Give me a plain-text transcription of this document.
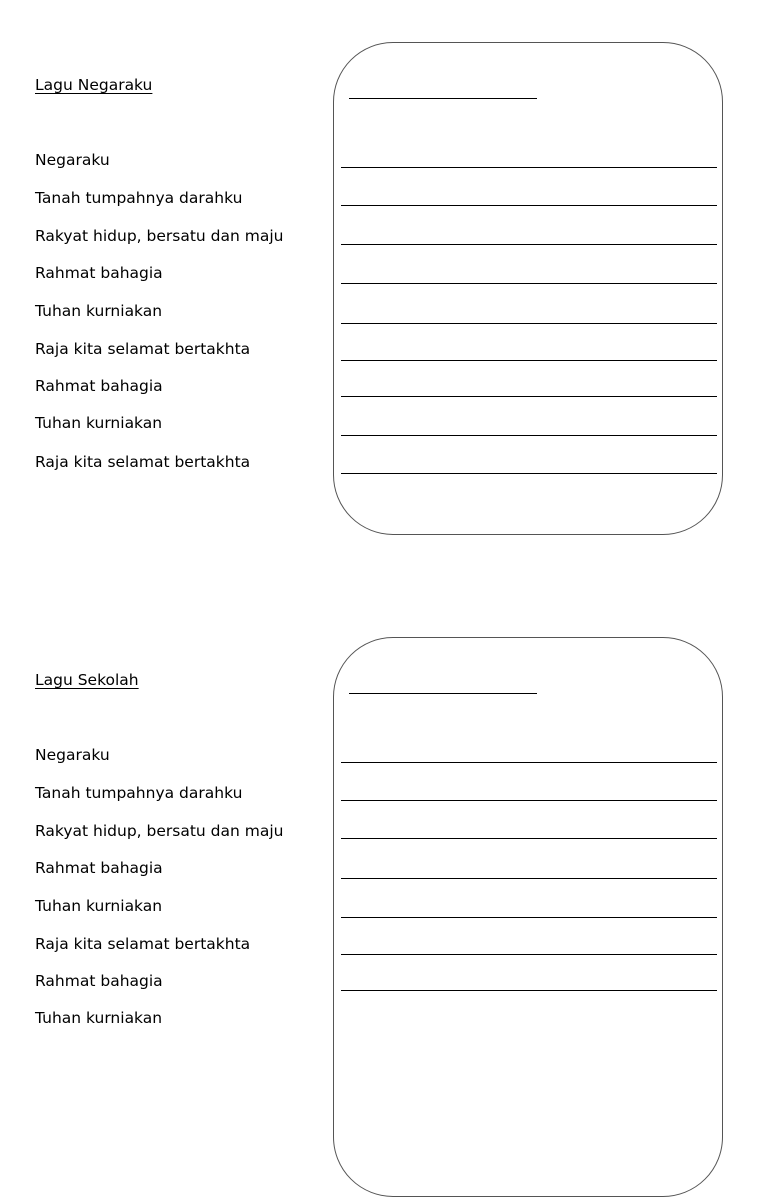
Lagu Negaraku
Negaraku
Tanah tumpahnya darahku
Rakyat hidup, bersatu dan maju
Rahmat bahagia
Tuhan kurniakan
Raja kita selamat bertakhta
Rahmat bahagia
Tuhan kurniakan
Raja kita selamat bertakhta
Lagu Sekolah
Negaraku
Tanah tumpahnya darahku
Rakyat hidup, bersatu dan maju
Rahmat bahagia
Tuhan kurniakan
Raja kita selamat bertakhta
Rahmat bahagia
Tuhan kurniakan
